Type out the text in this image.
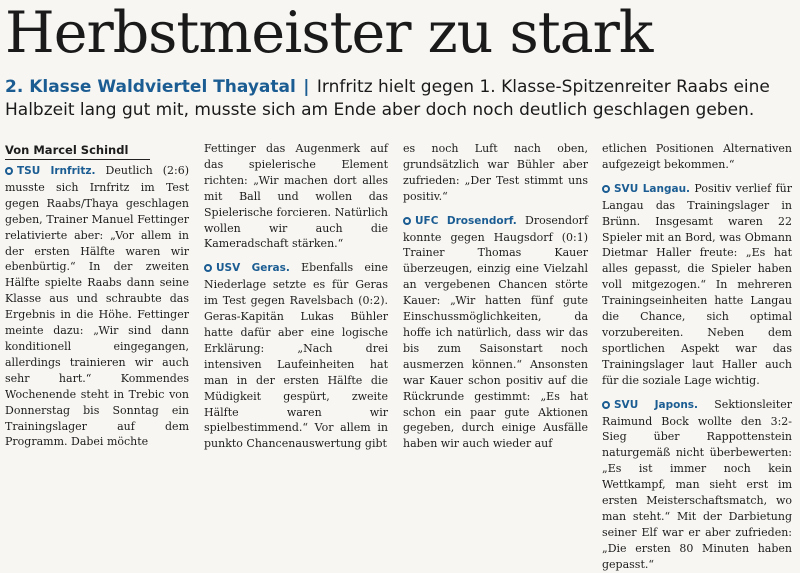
Herbstmeister zu stark
2. Klasse Waldviertel Thayatal | Irnfritz hielt gegen 1. Klasse-Spitzenreiter Raabs eine Halbzeit lang gut mit, musste sich am Ende aber doch noch deutlich geschlagen geben.
Von Marcel Schindl

TSU Irnfritz. Deutlich (2:6) musste sich Irnfritz im Test gegen Raabs/Thaya geschlagen geben, Trainer Manuel Fettinger relativierte aber: „Vor allem in der ersten Hälfte waren wir ebenbürtig.“ In der zweiten Hälfte spielte Raabs dann seine Klasse aus und schraubte das Ergebnis in die Höhe. Fettinger meinte dazu: „Wir sind dann konditionell eingegangen, allerdings trainieren wir auch sehr hart.“ Kommendes Wochenende steht in Trebic von Donnerstag bis Sonntag ein Trainingslager auf dem Programm. Dabei möchte

Fettinger das Augenmerk auf das spielerische Element richten: „Wir machen dort alles mit Ball und wollen das Spielerische forcieren. Natürlich wollen wir auch die Kameradschaft stärken.“

USV Geras. Ebenfalls eine Niederlage setzte es für Geras im Test gegen Ravelsbach (0:2). Geras-Kapitän Lukas Bühler hatte dafür aber eine logische Erklärung: „Nach drei intensiven Laufeinheiten hat man in der ersten Hälfte die Müdigkeit gespürt, zweite Hälfte waren wir spielbestimmend.“ Vor allem in punkto Chancenauswertung gibt

es noch Luft nach oben, grundsätzlich war Bühler aber zufrieden: „Der Test stimmt uns positiv.“

UFC Drosendorf. Drosendorf konnte gegen Haugsdorf (0:1) Trainer Thomas Kauer überzeugen, einzig eine Vielzahl an vergebenen Chancen störte Kauer: „Wir hatten fünf gute Einschussmöglichkeiten, da hoffe ich natürlich, dass wir das bis zum Saisonstart noch ausmerzen können.“ Ansonsten war Kauer schon positiv auf die Rückrunde gestimmt: „Es hat schon ein paar gute Aktionen gegeben, durch einige Ausfälle haben wir auch wieder auf

etlichen Positionen Alternativen aufgezeigt bekommen.“

SVU Langau. Positiv verlief für Langau das Trainingslager in Brünn. Insgesamt waren 22 Spieler mit an Bord, was Obmann Dietmar Haller freute: „Es hat alles gepasst, die Spieler haben voll mitgezogen.“ In mehreren Trainingseinheiten hatte Langau die Chance, sich optimal vorzubereiten. Neben dem sportlichen Aspekt war das Trainingslager laut Haller auch für die soziale Lage wichtig.

SVU Japons. Sektionsleiter Raimund Bock wollte den 3:2-Sieg über Rappottenstein naturgemäß nicht überbewerten: „Es ist immer noch kein Wettkampf, man sieht erst im ersten Meisterschaftsmatch, wo man steht.“ Mit der Darbietung seiner Elf war er aber zufrieden: „Die ersten 80 Minuten haben gepasst.“
